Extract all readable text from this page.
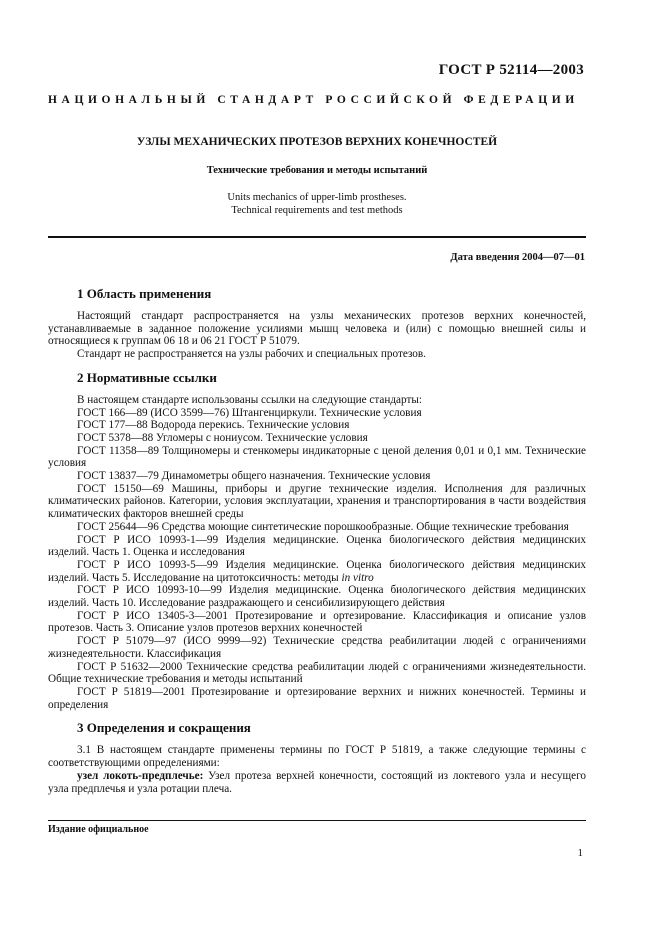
ГОСТ Р 52114—2003
НАЦИОНАЛЬНЫЙ СТАНДАРТ РОССИЙСКОЙ ФЕДЕРАЦИИ
УЗЛЫ МЕХАНИЧЕСКИХ ПРОТЕЗОВ ВЕРХНИХ КОНЕЧНОСТЕЙ
Технические требования и методы испытаний
Units mechanics of upper-limb prostheses.
Technical requirements and test methods
Дата введения 2004—07—01

1 Область применения

Настоящий стандарт распространяется на узлы механических протезов верхних конечностей, устанавливаемые в заданное положение усилиями мышц человека и (или) с помощью внешней силы и относящиеся к группам 06 18 и 06 21 ГОСТ Р 51079.

Стандарт не распространяется на узлы рабочих и специальных протезов.

2 Нормативные ссылки

В настоящем стандарте использованы ссылки на следующие стандарты:

ГОСТ 166—89 (ИСО 3599—76) Штангенциркули. Технические условия

ГОСТ 177—88 Водорода перекись. Технические условия

ГОСТ 5378—88 Угломеры с нониусом. Технические условия

ГОСТ 11358—89 Толщиномеры и стенкомеры индикаторные с ценой деления 0,01 и 0,1 мм. Технические условия

ГОСТ 13837—79 Динамометры общего назначения. Технические условия

ГОСТ 15150—69 Машины, приборы и другие технические изделия. Исполнения для различных климатических районов. Категории, условия эксплуатации, хранения и транспортирования в части воздействия климатических факторов внешней среды

ГОСТ 25644—96 Средства моющие синтетические порошкообразные. Общие технические требования

ГОСТ Р ИСО 10993-1—99 Изделия медицинские. Оценка биологического действия медицинских изделий. Часть 1. Оценка и исследования

ГОСТ Р ИСО 10993-5—99 Изделия медицинские. Оценка биологического действия медицинских изделий. Часть 5. Исследование на цитотоксичность: методы in vitro

ГОСТ Р ИСО 10993-10—99 Изделия медицинские. Оценка биологического действия медицинских изделий. Часть 10. Исследование раздражающего и сенсибилизирующего действия

ГОСТ Р ИСО 13405-3—2001 Протезирование и ортезирование. Классификация и описание узлов протезов. Часть 3. Описание узлов протезов верхних конечностей

ГОСТ Р 51079—97 (ИСО 9999—92) Технические средства реабилитации людей с ограничениями жизнедеятельности. Классификация

ГОСТ Р 51632—2000 Технические средства реабилитации людей с ограничениями жизнедеятельности. Общие технические требования и методы испытаний

ГОСТ Р 51819—2001 Протезирование и ортезирование верхних и нижних конечностей. Термины и определения

3 Определения и сокращения

3.1 В настоящем стандарте применены термины по ГОСТ Р 51819, а также следующие термины с соответствующими определениями:

узел локоть-предплечье: Узел протеза верхней конечности, состоящий из локтевого узла и несущего узла предплечья и узла ротации плеча.

Издание официальное
1
